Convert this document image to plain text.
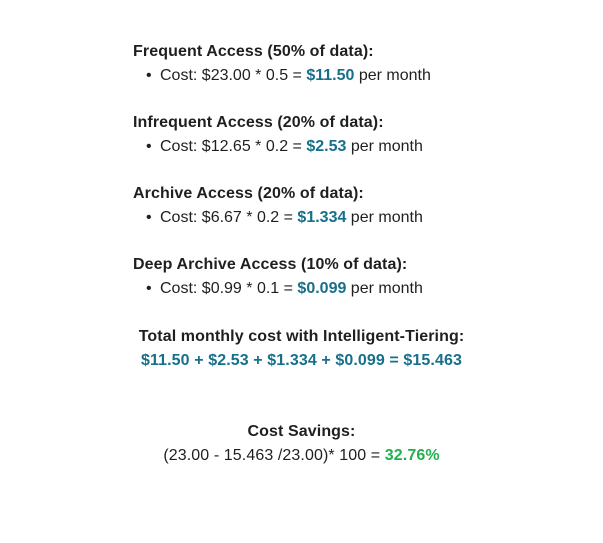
Frequent Access (50% of data):
• Cost: $23.00 * 0.5 = $11.50 per month
Infrequent Access (20% of data):
• Cost: $12.65 * 0.2 = $2.53 per month
Archive Access (20% of data):
• Cost: $6.67 * 0.2 = $1.334 per month
Deep Archive Access (10% of data):
• Cost: $0.99 * 0.1 = $0.099 per month
Total monthly cost with Intelligent-Tiering:
$11.50 + $2.53 + $1.334 + $0.099 = $15.463
Cost Savings:
(23.00 - 15.463 /23.00)* 100 = 32.76%
